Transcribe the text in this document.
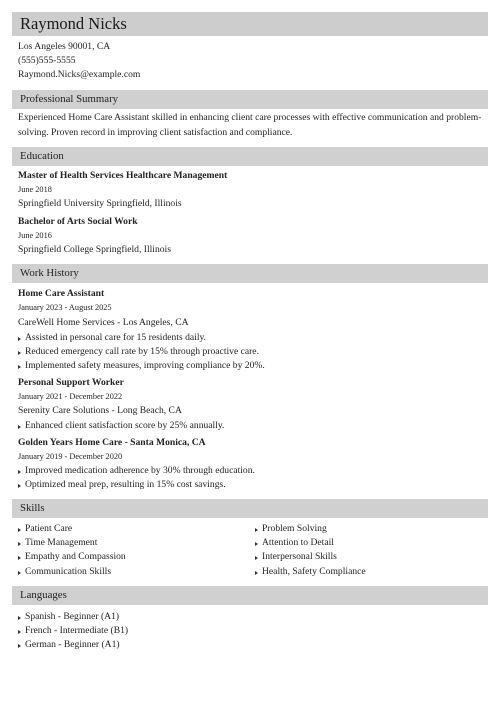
Raymond Nicks
Los Angeles 90001, CA
(555)555-5555
Raymond.Nicks@example.com
Professional Summary
Experienced Home Care Assistant skilled in enhancing client care processes with effective communication and problem-
solving. Proven record in improving client satisfaction and compliance.
Education
Master of Health Services Healthcare Management
June 2018
Springfield University Springfield, Illinois
Bachelor of Arts Social Work
June 2016
Springfield College Springfield, Illinois
Work History
Home Care Assistant
January 2023 - August 2025
CareWell Home Services - Los Angeles, CA
Assisted in personal care for 15 residents daily.
Reduced emergency call rate by 15% through proactive care.
Implemented safety measures, improving compliance by 20%.
Personal Support Worker
January 2021 - December 2022
Serenity Care Solutions - Long Beach, CA
Enhanced client satisfaction score by 25% annually.
Golden Years Home Care - Santa Monica, CA
January 2019 - December 2020
Improved medication adherence by 30% through education.
Optimized meal prep, resulting in 15% cost savings.
Skills
Patient Care
Time Management
Empathy and Compassion
Communication Skills
Problem Solving
Attention to Detail
Interpersonal Skills
Health, Safety Compliance
Languages
Spanish - Beginner (A1)
French - Intermediate (B1)
German - Beginner (A1)
